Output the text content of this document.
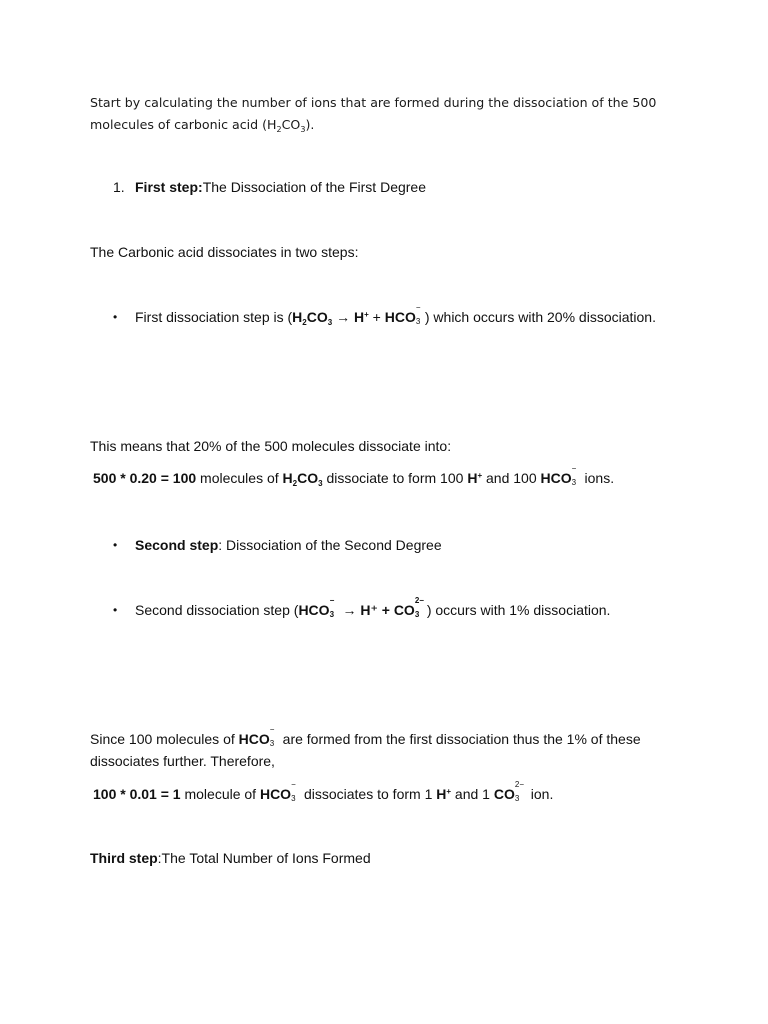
Start by calculating the number of ions that are formed during the dissociation of the 500
molecules of carbonic acid $(H_2CO_3)$.
1. First step:The Dissociation of the First Degree
The Carbonic acid dissociates in two steps:
• First dissociation step is ($H_2CO_3 \to H^+$ + HCO
−
3 ) which occurs with 20% dissociation.
This means that 20% of the 500 molecules dissociate into:
500 * 0.20 = 100 molecules of $H_2CO_3$ dissociate to form 100 H+ and 100 HCO
−
3 ions.
• Second step: Dissociation of the Second Degree
• Second dissociation step (HCO
−
3 → H⁺ + CO
2−
3 ) occurs with 1% dissociation.
Since 100 molecules of HCO
−
3 are formed from the first dissociation thus the 1% of these
dissociates further. Therefore,
100 * 0.01 = 1 molecule of HCO
−
3 dissociates to form 1 H+ and 1 CO
2−
3 ion.
Third step:The Total Number of Ions Formed
